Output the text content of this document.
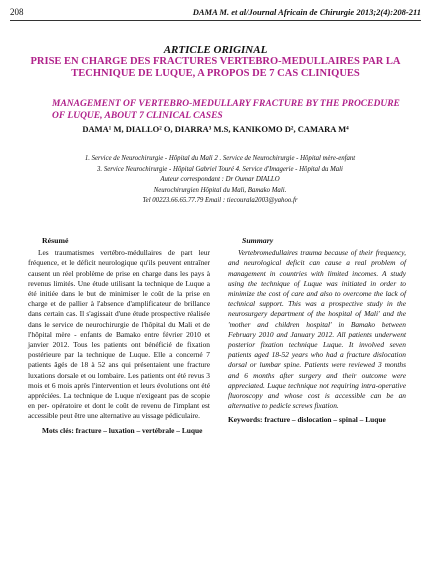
208	DAMA M. et al/Journal Africain de Chirurgie 2013;2(4):208-211
ARTICLE ORIGINAL
PRISE EN CHARGE DES FRACTURES VERTEBRO-MEDULLAIRES PAR LA TECHNIQUE DE LUQUE, A PROPOS DE 7 CAS CLINIQUES
MANAGEMENT OF VERTEBRO-MEDULLARY FRACTURE BY THE PROCEDURE OF LUQUE, ABOUT 7 CLINICAL CASES
DAMA¹ M, DIALLO² O, DIARRA³ M.S, KANIKOMO D², CAMARA M⁴
1. Service de Neurochirurgie - Hôpital du Mali 2 . Service de Neurochirurgie - Hôpital mère-enfant
3. Service Neurochirurgie - Hôpital Gabriel Touré 4. Service d'Imagerie - Hôpital du Mali
Auteur correspondant : Dr Oumar DIALLO
Neurochirurgien Hôpital du Mali, Bamako Mali.
Tel 00223.66.65.77.79 Email : tiecourala2003@yahoo.fr
Résumé

Les traumatismes vertébro-médullaires de part leur fréquence, et le déficit neurologique qu'ils peuvent entraîner causent un réel problème de prise en charge dans les pays à revenus limités. Une étude utilisant la technique de Luque a été initiée dans le but de minimiser le coût de la prise en charge et de pallier à l'absence d'amplificateur de brillance dans certain cas. Il s'agissait d'une étude prospective réalisée dans le service de neurochirurgie de l'hôpital du Mali et de l'hôpital mère - enfants de Bamako entre février 2010 et janvier 2012. Tous les patients ont bénéficié de fixation postérieure par la technique de Luque. Elle a concerné 7 patients âgés de 18 à 52 ans qui présentaient une fracture luxations dorsale et ou lombaire. Les patients ont été revus 3 mois et 6 mois après l'intervention et leurs évolutions ont été appréciées. La technique de Luque n'exigeant pas de scopie en per- opératoire et dont le coût de revenu de l'implant est accessible peut être une alternative au vissage pédiculaire.

Mots clés: fracture – luxation – vertébrale – Luque
Summary

Vertebromedullaires trauma because of their frequency, and neurological deficit can cause a real problem of management in countries with limited incomes. A study using the technique of Luque was initiated in order to minimize the cost of care and also to overcome the lack of technical support. This was a prospective study in the neurosurgery department of the hospital of Mali' and the 'mother and children hospital' in Bamako between February 2010 and January 2012. All patients underwent posterior fixation technique Luque. It involved seven patients aged 18-52 years who had a fracture dislocation dorsal or lumbar spine. Patients were reviewed 3 months and 6 months after surgery and their outcome were appreciated. Luque technique not requiring intra-operative fluoroscopy and whose cost is accessible can be an alternative to pedicle screws fixation.

Keywords: fracture – dislocation – spinal – Luque
